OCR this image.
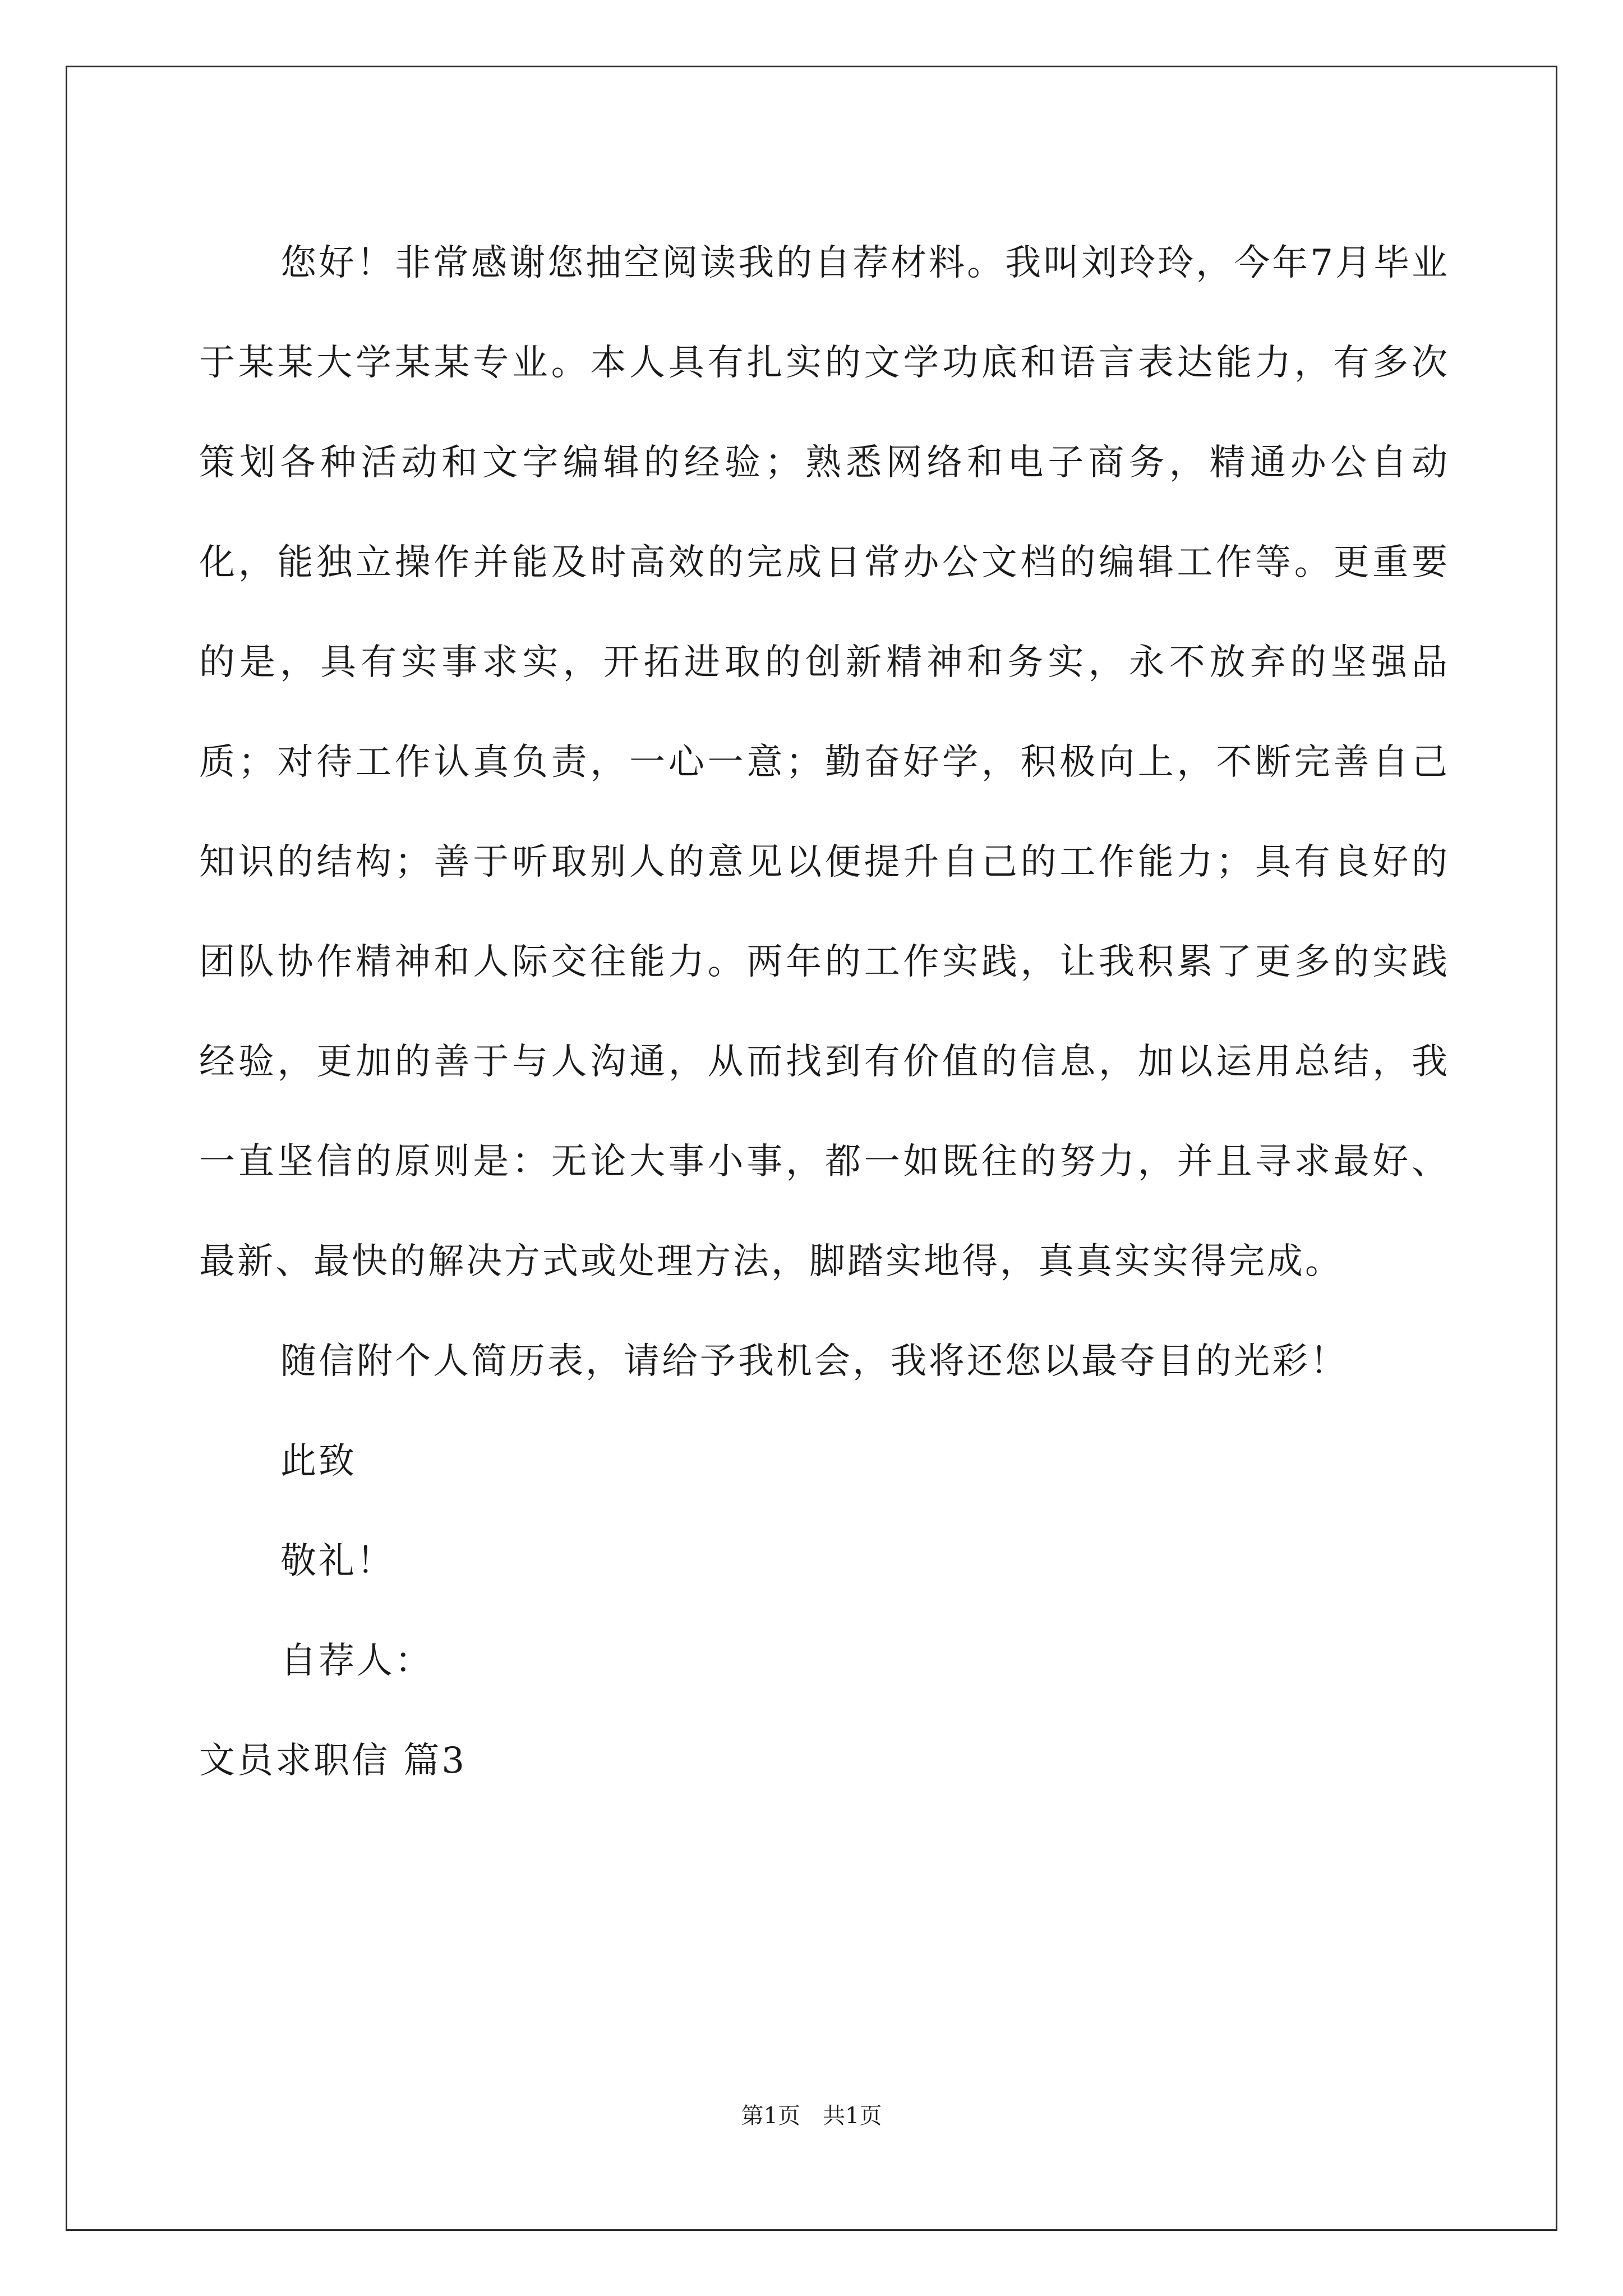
您好！非常感谢您抽空阅读我的自荐材料。我叫刘玲玲，今年7月毕业于某某大学某某专业。本人具有扎实的文学功底和语言表达能力，有多次策划各种活动和文字编辑的经验；熟悉网络和电子商务，精通办公自动化，能独立操作并能及时高效的完成日常办公文档的编辑工作等。更重要的是，具有实事求实，开拓进取的创新精神和务实，永不放弃的坚强品质；对待工作认真负责，一心一意；勤奋好学，积极向上，不断完善自己知识的结构；善于听取别人的意见以便提升自己的工作能力；具有良好的团队协作精神和人际交往能力。两年的工作实践，让我积累了更多的实践经验，更加的善于与人沟通，从而找到有价值的信息，加以运用总结，我一直坚信的原则是：无论大事小事，都一如既往的努力，并且寻求最好、最新、最快的解决方式或处理方法，脚踏实地得，真真实实得完成。

随信附个人简历表，请给予我机会，我将还您以最夺目的光彩！

此致

敬礼！

自荐人：

文员求职信 篇3

第1页　共1页
